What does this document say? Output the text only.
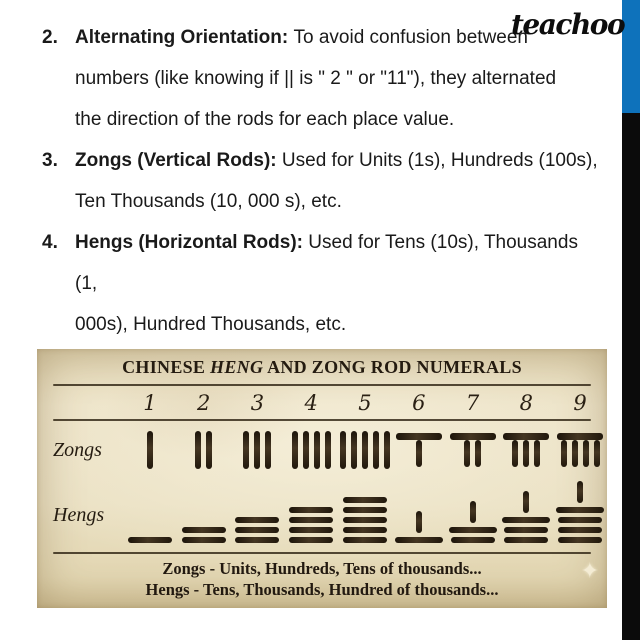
teachoo
2. Alternating Orientation: To avoid confusion between
numbers (like knowing if || is " 2 " or "11"), they alternated
the direction of the rods for each place value.
3. Zongs (Vertical Rods): Used for Units (1s), Hundreds (100s),
Ten Thousands (10, 000 s), etc.
4. Hengs (Horizontal Rods): Used for Tens (10s), Thousands (1,
000s), Hundred Thousands, etc.
CHINESE HENG AND ZONG ROD NUMERALS
1	2	3	4	5	6	7	8	9
Zongs
Hengs
Zongs - Units, Hundreds, Tens of thousands...
Hengs - Tens, Thousands, Hundred of thousands...
✦
